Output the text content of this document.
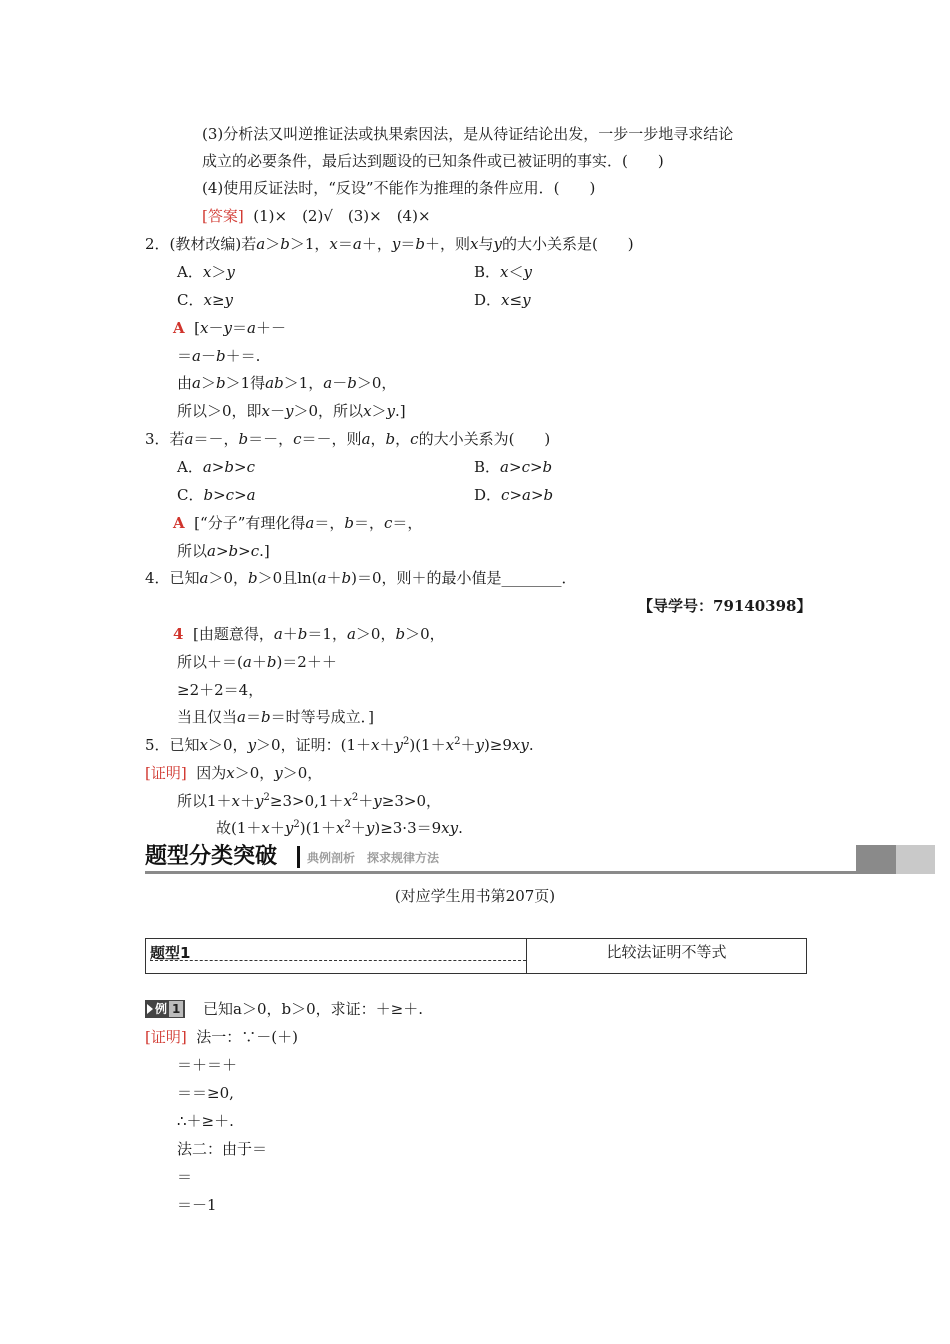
(3)分析法又叫逆推证法或执果索因法，是从待证结论出发，一步一步地寻求结论
成立的必要条件，最后达到题设的已知条件或已被证明的事实．(　　)
(4)使用反证法时，“反设”不能作为推理的条件应用．(　　)
[答案] (1)×　(2)√　(3)×　(4)×
2．(教材改编)若a＞b＞1，x＝a＋，y＝b＋，则x与y的大小关系是(　　)
A．x＞y	B．x＜y
C．x≥y	D．x≤y
A  [x－y＝a＋－
＝a－b＋＝.
由a＞b＞1得ab＞1，a－b＞0，
所以＞0，即x－y＞0，所以x＞y.]
3．若a＝－，b＝－，c＝－，则a，b，c的大小关系为(　　)
A．a>b>c	B．a>c>b
C．b>c>a	D．c>a>b
A  [“分子”有理化得a＝，b＝，c＝，
所以a>b>c.]
4．已知a＞0，b＞0且ln(a＋b)＝0，则＋的最小值是________．
【导学号：79140398】
4  [由题意得，a＋b＝1，a＞0，b＞0，
所以＋＝(a＋b)＝2＋＋
≥2＋2＝4，
当且仅当a＝b＝时等号成立．]
5．已知x＞0，y＞0，证明：$(1+x+y^2)(1+x^2+y)\ge 9xy$.
[证明]  因为x＞0，y＞0，
所以$1+x+y^2\ge 3>0,1+x^2+y\ge 3>0$，
故$(1+x+y^2)(1+x^2+y)\ge 3\cdot 3=9xy$.
题型分类突破 典例剖析　探求规律方法
(对应学生用书第207页)
题型1	比较法证明不等式
例 1	已知a＞0，b＞0，求证：＋≥＋.
[证明] 法一：∵－(＋)
＝＋＝＋
＝＝≥0,
∴＋≥＋.
法二：由于＝
＝
＝－1
